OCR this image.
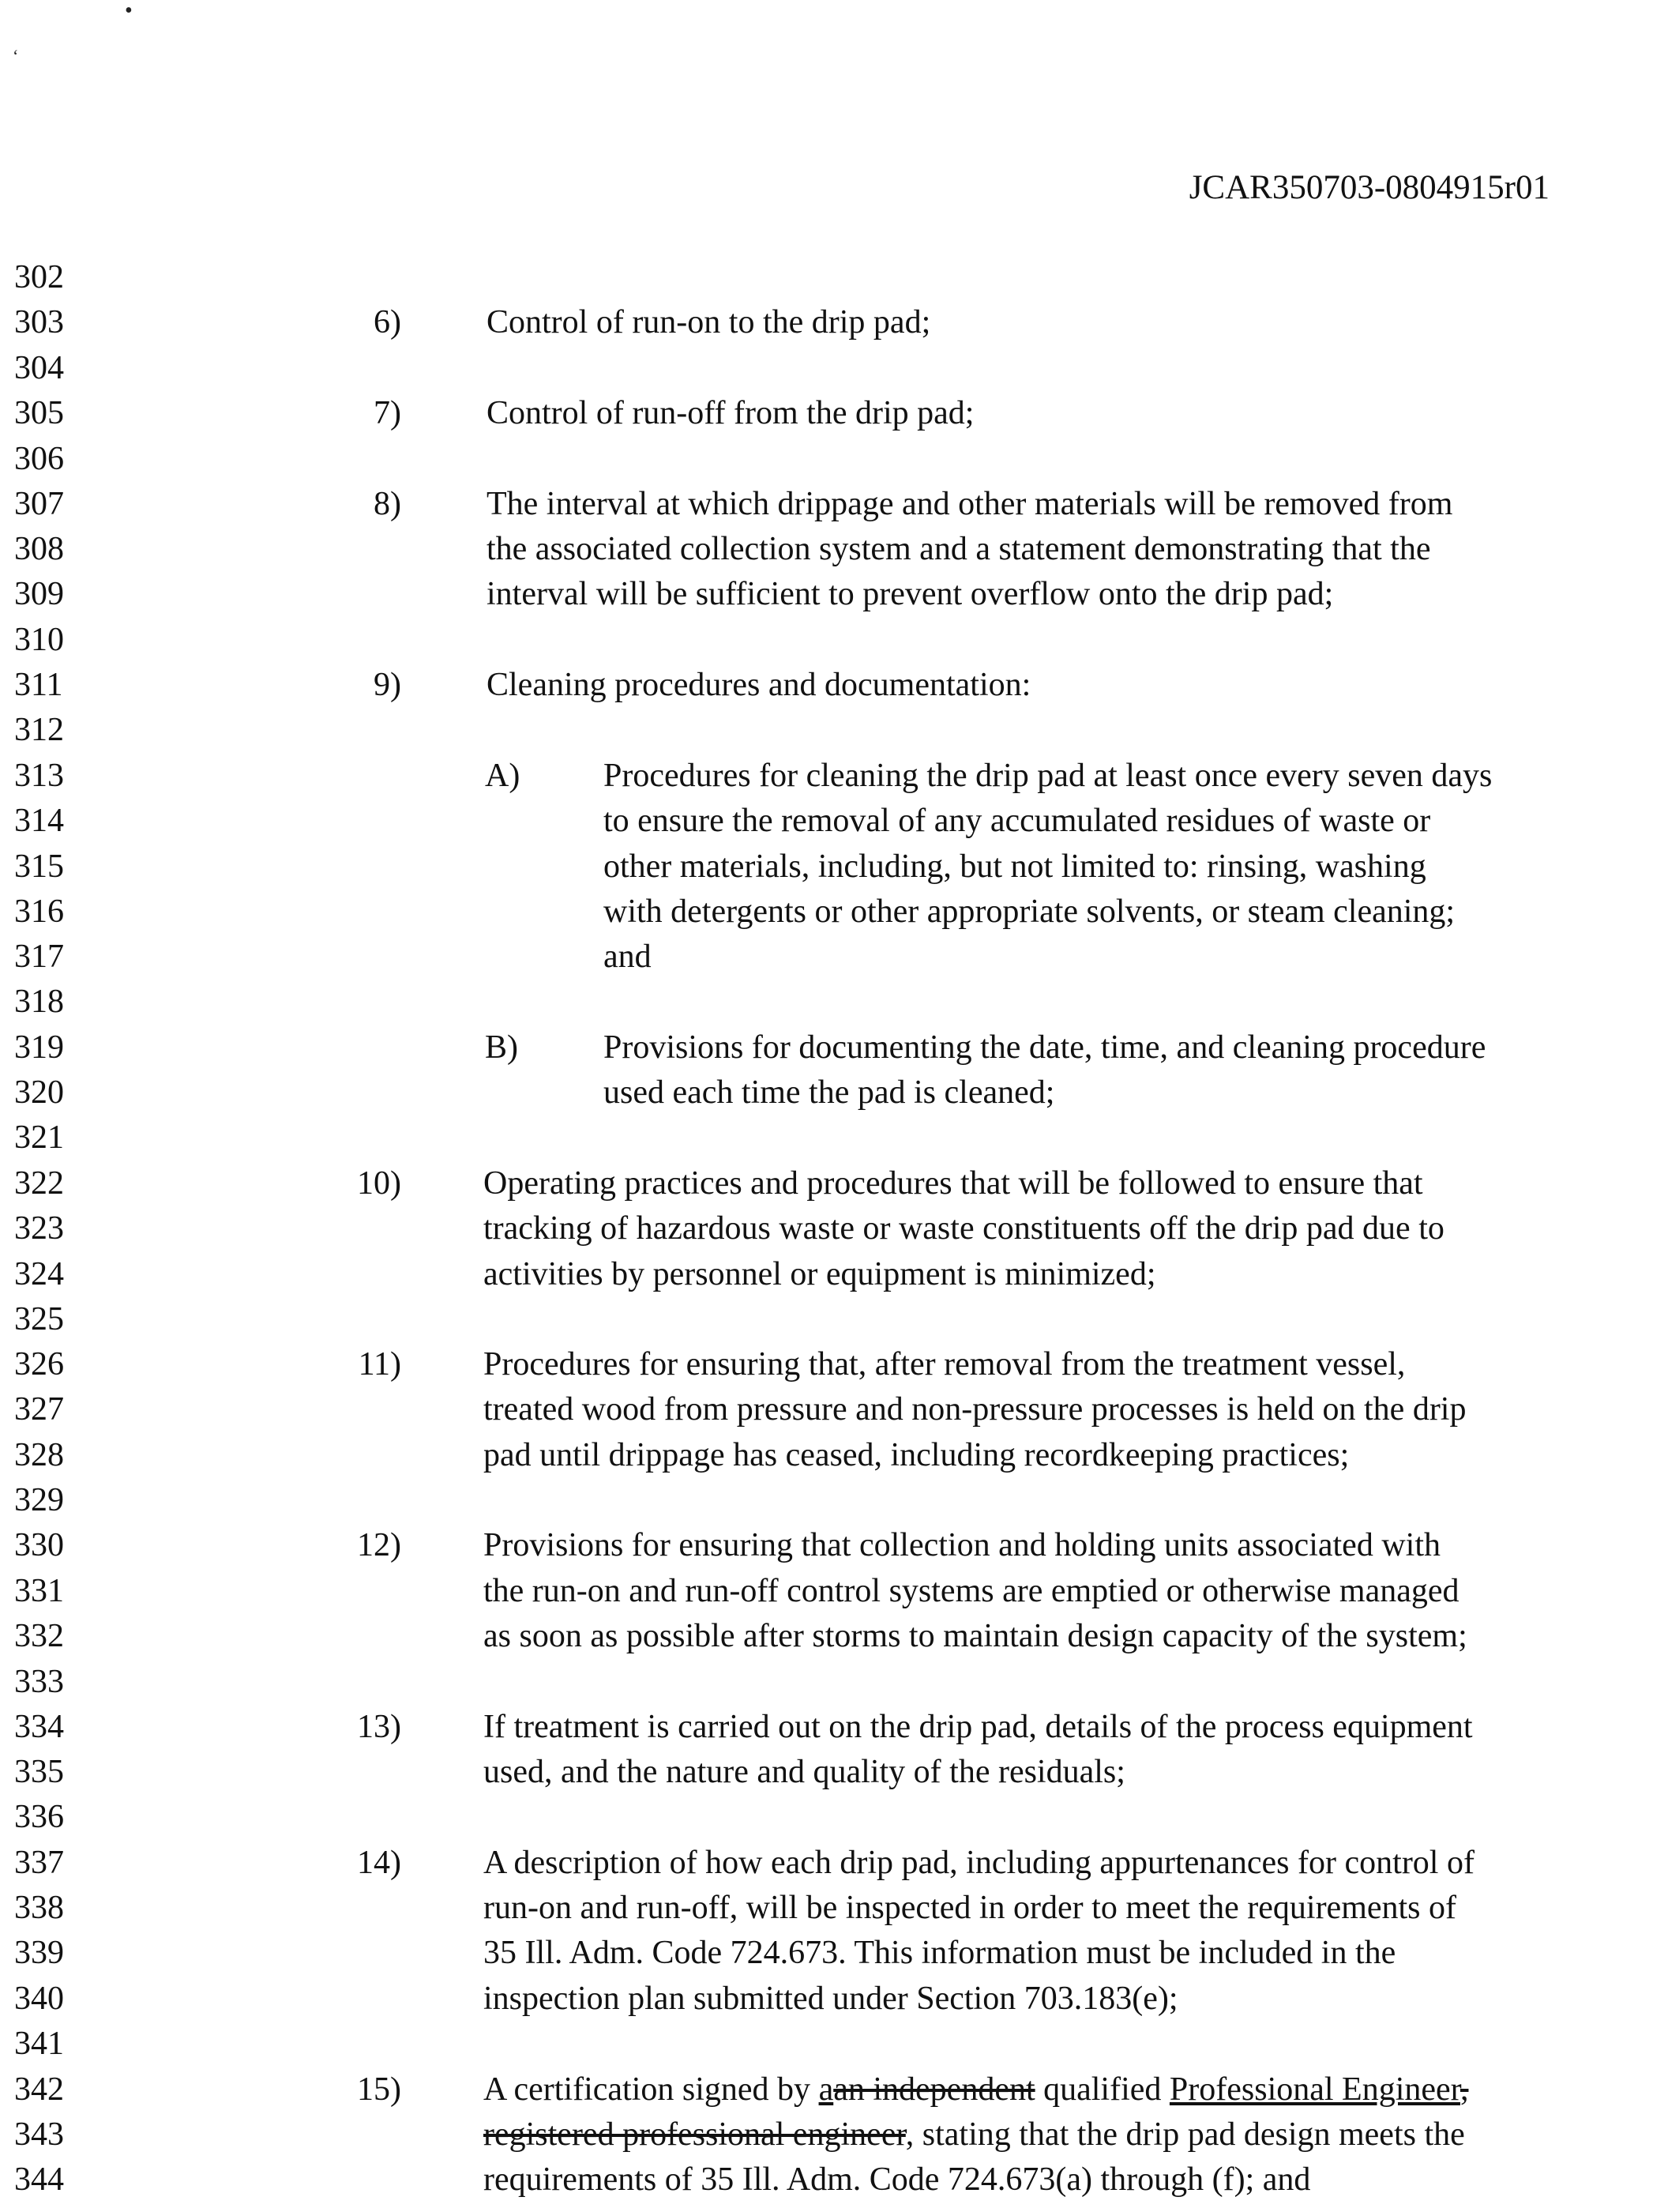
•
‘
JCAR350703-0804915r01
302
303
304
305
306
307
308
309
310
311
312
313
314
315
316
317
318
319
320
321
322
323
324
325
326
327
328
329
330
331
332
333
334
335
336
337
338
339
340
341
342
343
344
6)	Control of run-on to the drip pad;
7)	Control of run-off from the drip pad;
8)	The interval at which drippage and other materials will be removed from
the associated collection system and a statement demonstrating that the
interval will be sufficient to prevent overflow onto the drip pad;
9)	Cleaning procedures and documentation:
A)	Procedures for cleaning the drip pad at least once every seven days
to ensure the removal of any accumulated residues of waste or
other materials, including, but not limited to: rinsing, washing
with detergents or other appropriate solvents, or steam cleaning;
and
B)	Provisions for documenting the date, time, and cleaning procedure
used each time the pad is cleaned;
10) Operating practices and procedures that will be followed to ensure that
tracking of hazardous waste or waste constituents off the drip pad due to
activities by personnel or equipment is minimized;
11) Procedures for ensuring that, after removal from the treatment vessel,
treated wood from pressure and non-pressure processes is held on the drip
pad until drippage has ceased, including recordkeeping practices;
12) Provisions for ensuring that collection and holding units associated with
the run-on and run-off control systems are emptied or otherwise managed
as soon as possible after storms to maintain design capacity of the system;
13) If treatment is carried out on the drip pad, details of the process equipment
used, and the nature and quality of the residuals;
14) A description of how each drip pad, including appurtenances for control of
run-on and run-off, will be inspected in order to meet the requirements of
35 Ill. Adm. Code 724.673. This information must be included in the
inspection plan submitted under Section 703.183(e);
15) A certification signed by aan independent qualified Professional Engineer,
registered professional engineer, stating that the drip pad design meets the
requirements of 35 Ill. Adm. Code 724.673(a) through (f); and
